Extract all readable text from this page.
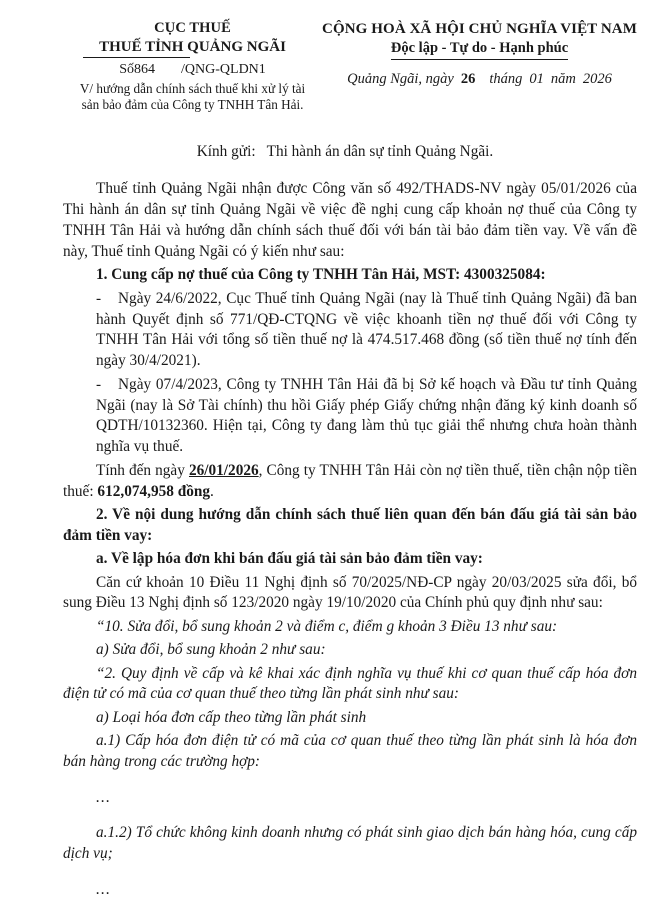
CỤC THUẾ
THUẾ TỈNH QUẢNG NGÃI
Số864 /QNG-QLDN1
V/ hướng dẫn chính sách thuế khi xử lý tài
sản bảo đảm của Công ty TNHH Tân Hải.
CỘNG HOÀ XÃ HỘI CHỦ NGHĨA VIỆT NAM
Độc lập - Tự do - Hạnh phúc
Quảng Ngãi, ngày 26 tháng 01 năm 2026
Kính gửi: Thi hành án dân sự tỉnh Quảng Ngãi.

Thuế tỉnh Quảng Ngãi nhận được Công văn số 492/THADS-NV ngày 05/01/2026 của Thi hành án dân sự tỉnh Quảng Ngãi về việc đề nghị cung cấp khoản nợ thuế của Công ty TNHH Tân Hải và hướng dẫn chính sách thuế đối với bán tài bảo đảm tiền vay. Về vấn đề này, Thuế tỉnh Quảng Ngãi có ý kiến như sau:

1. Cung cấp nợ thuế của Công ty TNHH Tân Hải, MST: 4300325084:

- Ngày 24/6/2022, Cục Thuế tỉnh Quảng Ngãi (nay là Thuế tỉnh Quảng Ngãi) đã ban hành Quyết định số 771/QĐ-CTQNG về việc khoanh tiền nợ thuế đối với Công ty TNHH Tân Hải với tổng số tiền thuế nợ là 474.517.468 đồng (số tiền thuế nợ tính đến ngày 30/4/2021).

- Ngày 07/4/2023, Công ty TNHH Tân Hải đã bị Sở kế hoạch và Đầu tư tỉnh Quảng Ngãi (nay là Sở Tài chính) thu hồi Giấy phép Giấy chứng nhận đăng ký kinh doanh số QDTH/10132360. Hiện tại, Công ty đang làm thủ tục giải thể nhưng chưa hoàn thành nghĩa vụ thuế.

Tính đến ngày 26/01/2026, Công ty TNHH Tân Hải còn nợ tiền thuế, tiền chận nộp tiền thuế: 612,074,958 đồng.

2. Về nội dung hướng dẫn chính sách thuế liên quan đến bán đấu giá tài sản bảo đảm tiền vay:

a. Về lập hóa đơn khi bán đấu giá tài sản bảo đảm tiền vay:

Căn cứ khoản 10 Điều 11 Nghị định số 70/2025/NĐ-CP ngày 20/03/2025 sửa đổi, bổ sung Điều 13 Nghị định số 123/2020 ngày 19/10/2020 của Chính phủ quy định như sau:

“10. Sửa đổi, bổ sung khoản 2 và điểm c, điểm g khoản 3 Điều 13 như sau:

a) Sửa đổi, bổ sung khoản 2 như sau:

“2. Quy định về cấp và kê khai xác định nghĩa vụ thuế khi cơ quan thuế cấp hóa đơn điện tử có mã của cơ quan thuế theo từng lần phát sinh như sau:

a) Loại hóa đơn cấp theo từng lần phát sinh

a.1) Cấp hóa đơn điện tử có mã của cơ quan thuế theo từng lần phát sinh là hóa đơn bán hàng trong các trường hợp:

...

a.1.2) Tổ chức không kinh doanh nhưng có phát sinh giao dịch bán hàng hóa, cung cấp dịch vụ;

...
